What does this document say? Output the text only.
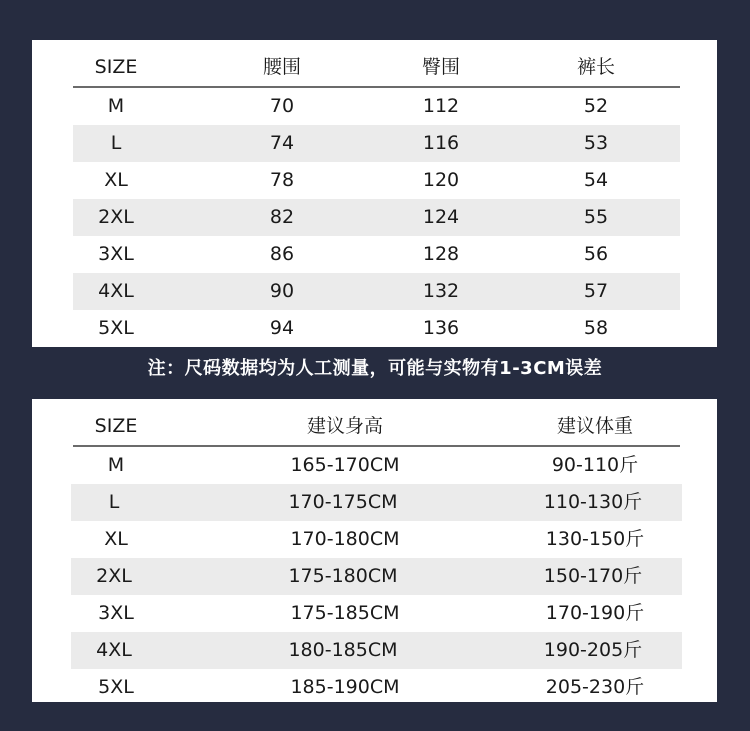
SIZE	腰围	臀围	裤长
M	70	112	52
L	74	116	53
XL	78	120	54
2XL	82	124	55
3XL	86	128	56
4XL	90	132	57
5XL	94	136	58
注：尺码数据均为人工测量，可能与实物有1-3CM误差
SIZE	建议身高	建议体重
M	165-170CM	90-110斤
L	170-175CM	110-130斤
XL	170-180CM	130-150斤
2XL	175-180CM	150-170斤
3XL	175-185CM	170-190斤
4XL	180-185CM	190-205斤
5XL	185-190CM	205-230斤
